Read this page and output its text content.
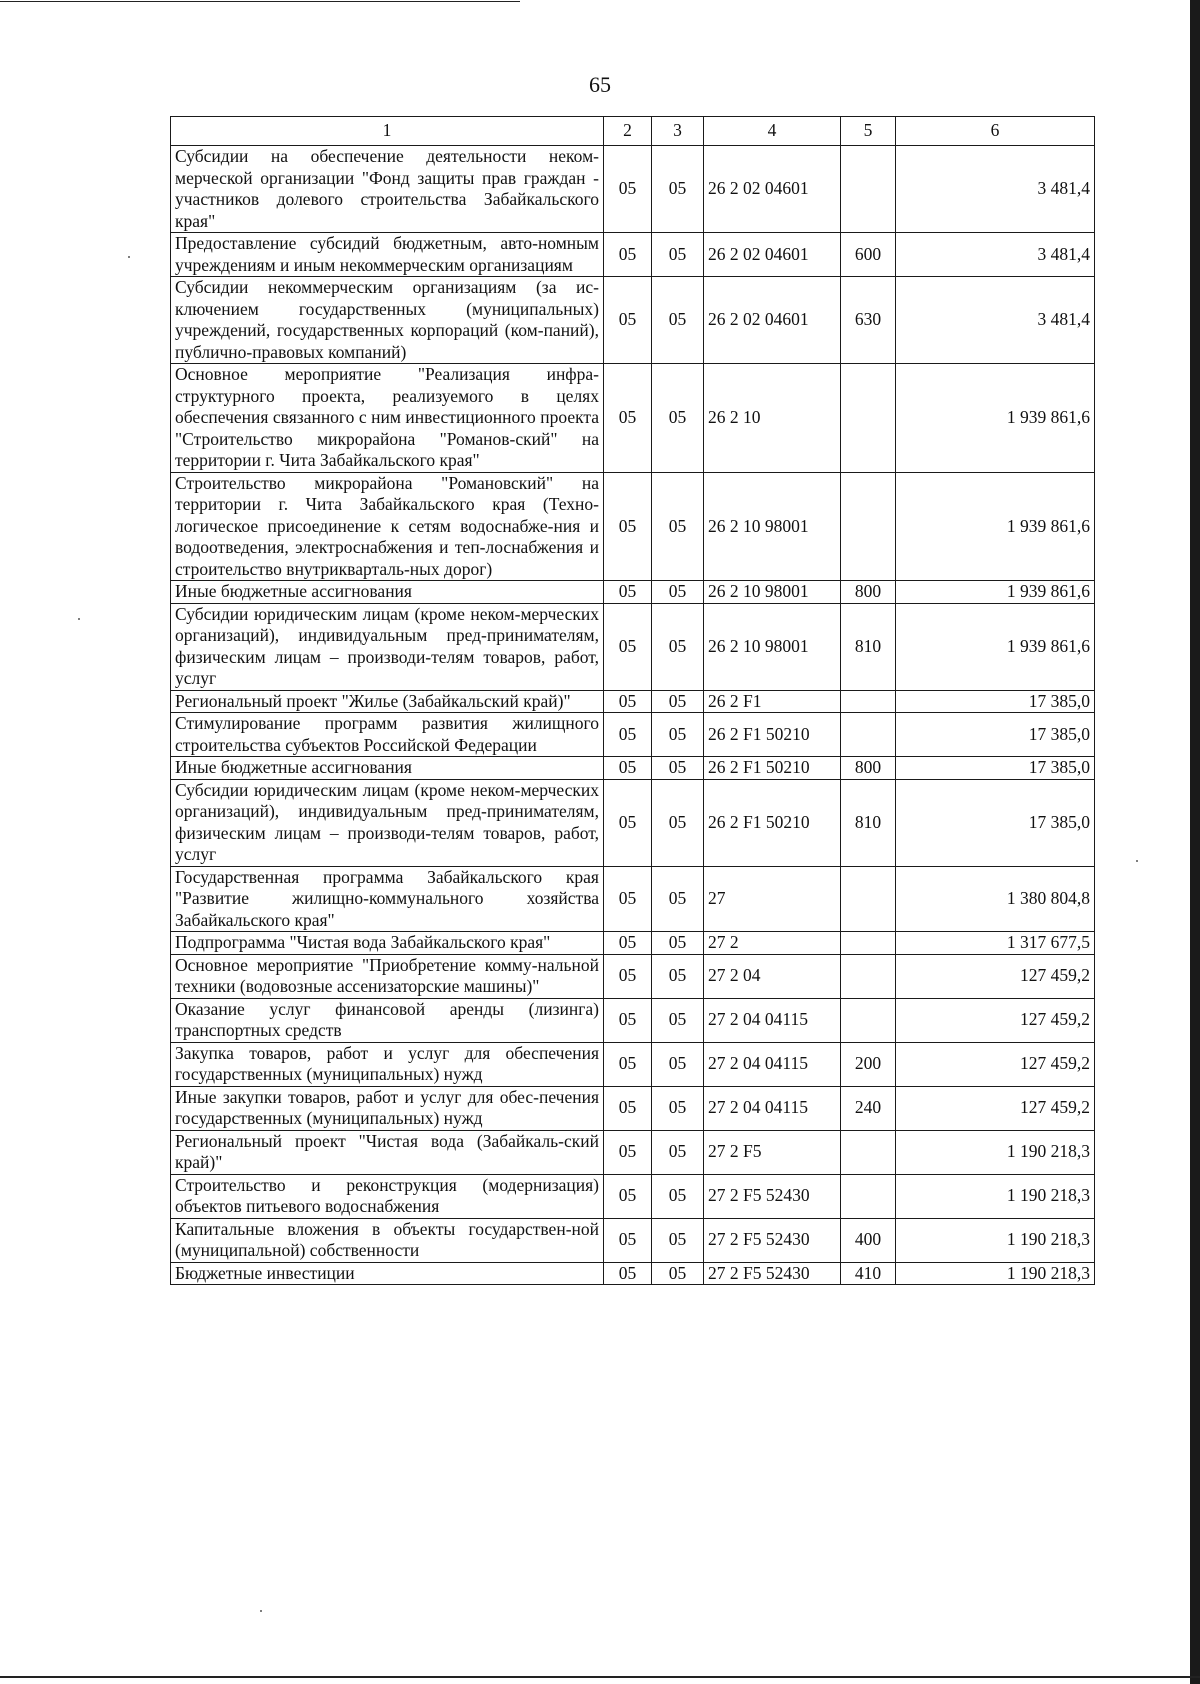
65
1	2	3	4	5	6
Субсидии на обеспечение деятельности неком-мерческой организации "Фонд защиты прав граждан - участников долевого строительства Забайкальского края"	05	05	26 2 02 04601		3 481,4
Предоставление субсидий бюджетным, авто-номным учреждениям и иным некоммерческим организациям	05	05	26 2 02 04601	600	3 481,4
Субсидии некоммерческим организациям (за ис-ключением государственных (муниципальных) учреждений, государственных корпораций (ком-паний), публично-правовых компаний)	05	05	26 2 02 04601	630	3 481,4
Основное мероприятие "Реализация инфра-структурного проекта, реализуемого в целях обеспечения связанного с ним инвестиционного проекта "Строительство микрорайона "Романов-ский" на территории г. Чита Забайкальского края"	05	05	26 2 10		1 939 861,6
Строительство микрорайона "Романовский" на территории г. Чита Забайкальского края (Техно-логическое присоединение к сетям водоснабже-ния и водоотведения, электроснабжения и теп-лоснабжения и строительство внутрикварталь-ных дорог)	05	05	26 2 10 98001		1 939 861,6
Иные бюджетные ассигнования	05	05	26 2 10 98001	800	1 939 861,6
Субсидии юридическим лицам (кроме неком-мерческих организаций), индивидуальным пред-принимателям, физическим лицам – производи-телям товаров, работ, услуг	05	05	26 2 10 98001	810	1 939 861,6
Региональный проект "Жилье (Забайкальский край)"	05	05	26 2 F1		17 385,0
Стимулирование программ развития жилищного строительства субъектов Российской Федерации	05	05	26 2 F1 50210		17 385,0
Иные бюджетные ассигнования	05	05	26 2 F1 50210	800	17 385,0
Субсидии юридическим лицам (кроме неком-мерческих организаций), индивидуальным пред-принимателям, физическим лицам – производи-телям товаров, работ, услуг	05	05	26 2 F1 50210	810	17 385,0
Государственная программа Забайкальского края "Развитие жилищно-коммунального хозяйства Забайкальского края"	05	05	27		1 380 804,8
Подпрограмма "Чистая вода Забайкальского края"	05	05	27 2		1 317 677,5
Основное мероприятие "Приобретение комму-нальной техники (водовозные ассенизаторские машины)"	05	05	27 2 04		127 459,2
Оказание услуг финансовой аренды (лизинга) транспортных средств	05	05	27 2 04 04115		127 459,2
Закупка товаров, работ и услуг для обеспечения государственных (муниципальных) нужд	05	05	27 2 04 04115	200	127 459,2
Иные закупки товаров, работ и услуг для обес-печения государственных (муниципальных) нужд	05	05	27 2 04 04115	240	127 459,2
Региональный проект "Чистая вода (Забайкаль-ский край)"	05	05	27 2 F5		1 190 218,3
Строительство и реконструкция (модернизация) объектов питьевого водоснабжения	05	05	27 2 F5 52430		1 190 218,3
Капитальные вложения в объекты государствен-ной (муниципальной) собственности	05	05	27 2 F5 52430	400	1 190 218,3
Бюджетные инвестиции	05	05	27 2 F5 52430	410	1 190 218,3
